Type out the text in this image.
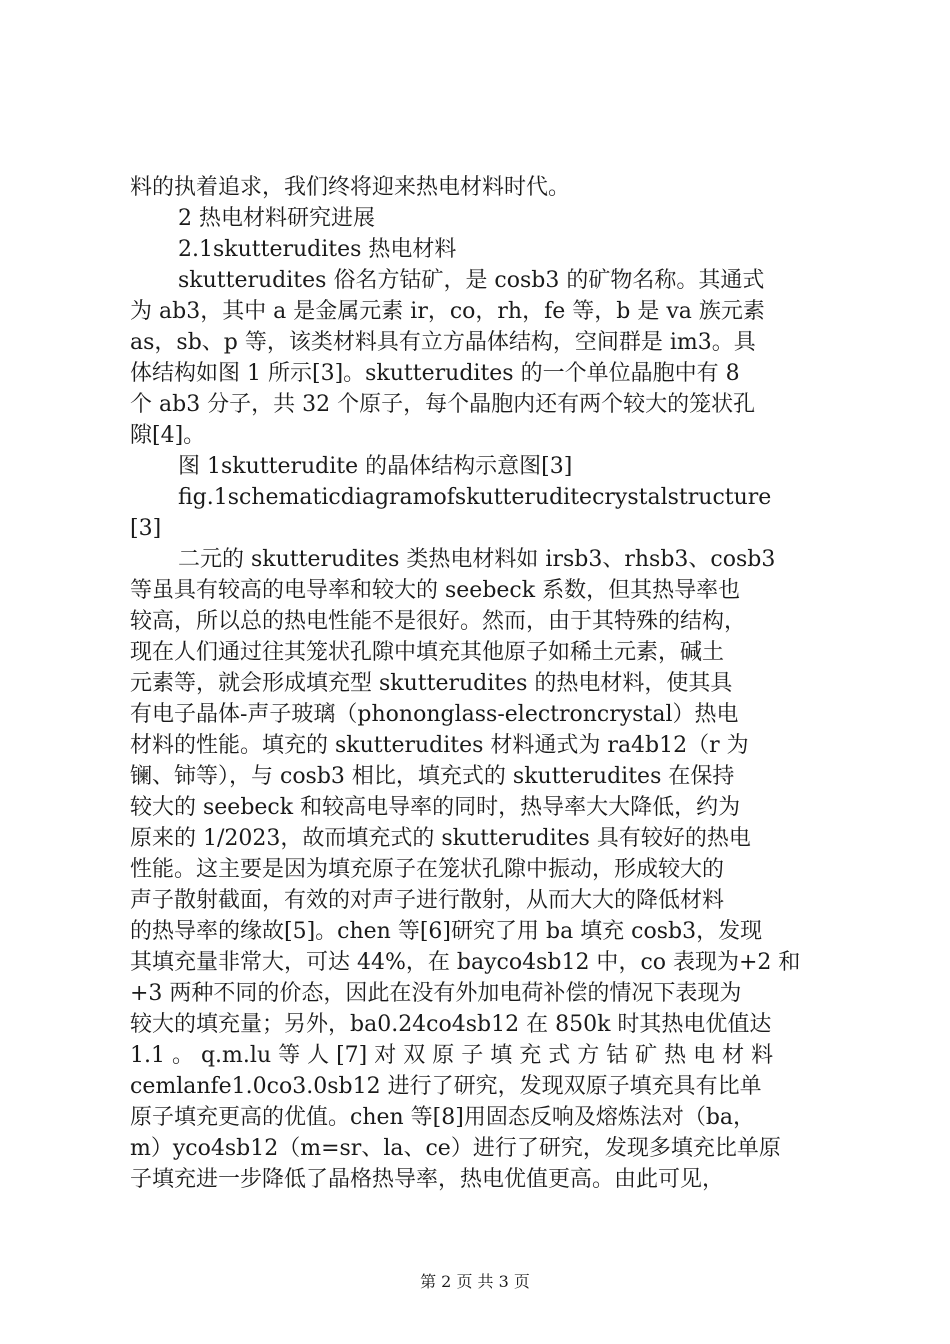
料的执着追求，我们终将迎来热电材料时代。
2 热电材料研究进展
2.1skutterudites 热电材料
skutterudites 俗名方钴矿，是 cosb3 的矿物名称。其通式
为 ab3，其中 a 是金属元素 ir，co，rh，fe 等，b 是 va 族元素
as，sb、p 等，该类材料具有立方晶体结构，空间群是 im3。具
体结构如图 1 所示[3]。skutterudites 的一个单位晶胞中有 8
个 ab3 分子，共 32 个原子，每个晶胞内还有两个较大的笼状孔
隙[4]。
图 1skutterudite 的晶体结构示意图[3]
fig.1schematicdiagramofskutteruditecrystalstructure
[3]
二元的 skutterudites 类热电材料如 irsb3、rhsb3、cosb3
等虽具有较高的电导率和较大的 seebeck 系数，但其热导率也
较高，所以总的热电性能不是很好。然而，由于其特殊的结构，
现在人们通过往其笼状孔隙中填充其他原子如稀土元素，碱土
元素等，就会形成填充型 skutterudites 的热电材料，使其具
有电子晶体-声子玻璃（phononglass-electroncrystal）热电
材料的性能。填充的 skutterudites 材料通式为 ra4b12（r 为
镧、铈等），与 cosb3 相比，填充式的 skutterudites 在保持
较大的 seebeck 和较高电导率的同时，热导率大大降低，约为
原来的 1/2023，故而填充式的 skutterudites 具有较好的热电
性能。这主要是因为填充原子在笼状孔隙中振动，形成较大的
声子散射截面，有效的对声子进行散射，从而大大的降低材料
的热导率的缘故[5]。chen 等[6]研究了用 ba 填充 cosb3，发现
其填充量非常大，可达 44%，在 bayco4sb12 中，co 表现为+2 和
+3 两种不同的价态，因此在没有外加电荷补偿的情况下表现为
较大的填充量；另外，ba0.24co4sb12 在 850k 时其热电优值达
1.1 。 q.m.lu 等 人 [7] 对 双 原 子 填 充 式 方 钴 矿 热 电 材 料
cemlanfe1.0co3.0sb12 进行了研究，发现双原子填充具有比单
原子填充更高的优值。chen 等[8]用固态反响及熔炼法对（ba，
m）yco4sb12（m=sr、la、ce）进行了研究，发现多填充比单原
子填充进一步降低了晶格热导率，热电优值更高。由此可见，
第 2 页 共 3 页
